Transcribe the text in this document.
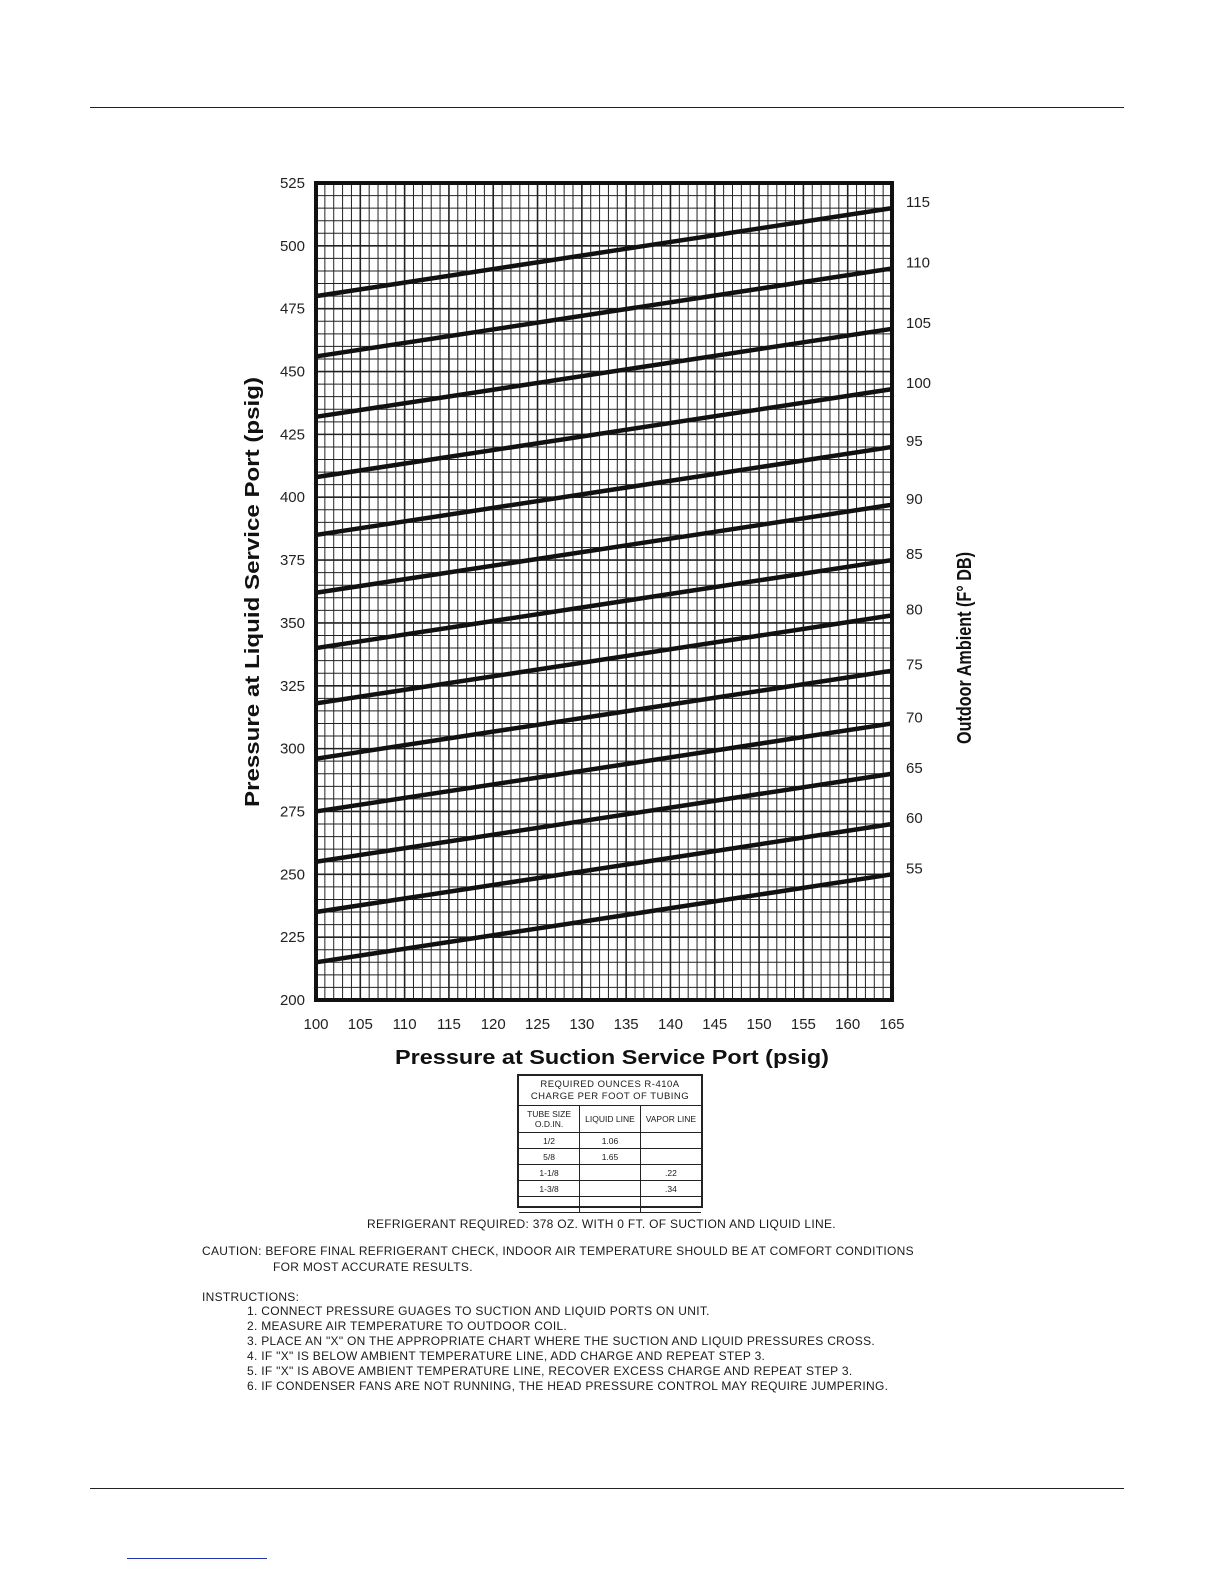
100 105 110 115 120 125 130 135 140 145 150 155 160 165
200
225
250
275
300
325
350
375
400
425
450
475
500
525
55
60
65
70
75
80
85
90
95
100
105
110
115
Pressure at Liquid Service Port (psig)	Outdoor Ambient (F° DB)
Pressure at Suction Service Port (psig)
REQUIRED OUNCES R-410A
CHARGE PER FOOT OF TUBING
TUBE SIZE O.D.IN.	LIQUID LINE	VAPOR LINE
1/2	1.06	
5/8	1.65	
1-1/8		.22
1-3/8		.34

REFRIGERANT REQUIRED: 378 OZ. WITH 0 FT. OF SUCTION AND LIQUID LINE.
CAUTION: BEFORE FINAL REFRIGERANT CHECK, INDOOR AIR TEMPERATURE SHOULD BE AT COMFORT CONDITIONS
FOR MOST ACCURATE RESULTS.
INSTRUCTIONS:
1. CONNECT PRESSURE GUAGES TO SUCTION AND LIQUID PORTS ON UNIT.
2. MEASURE AIR TEMPERATURE TO OUTDOOR COIL.
3. PLACE AN "X" ON THE APPROPRIATE CHART WHERE THE SUCTION AND LIQUID PRESSURES CROSS.
4. IF "X" IS BELOW AMBIENT TEMPERATURE LINE, ADD CHARGE AND REPEAT STEP 3.
5. IF "X" IS ABOVE AMBIENT TEMPERATURE LINE, RECOVER EXCESS CHARGE AND REPEAT STEP 3.
6. IF CONDENSER FANS ARE NOT RUNNING, THE HEAD PRESSURE CONTROL MAY REQUIRE JUMPERING.
